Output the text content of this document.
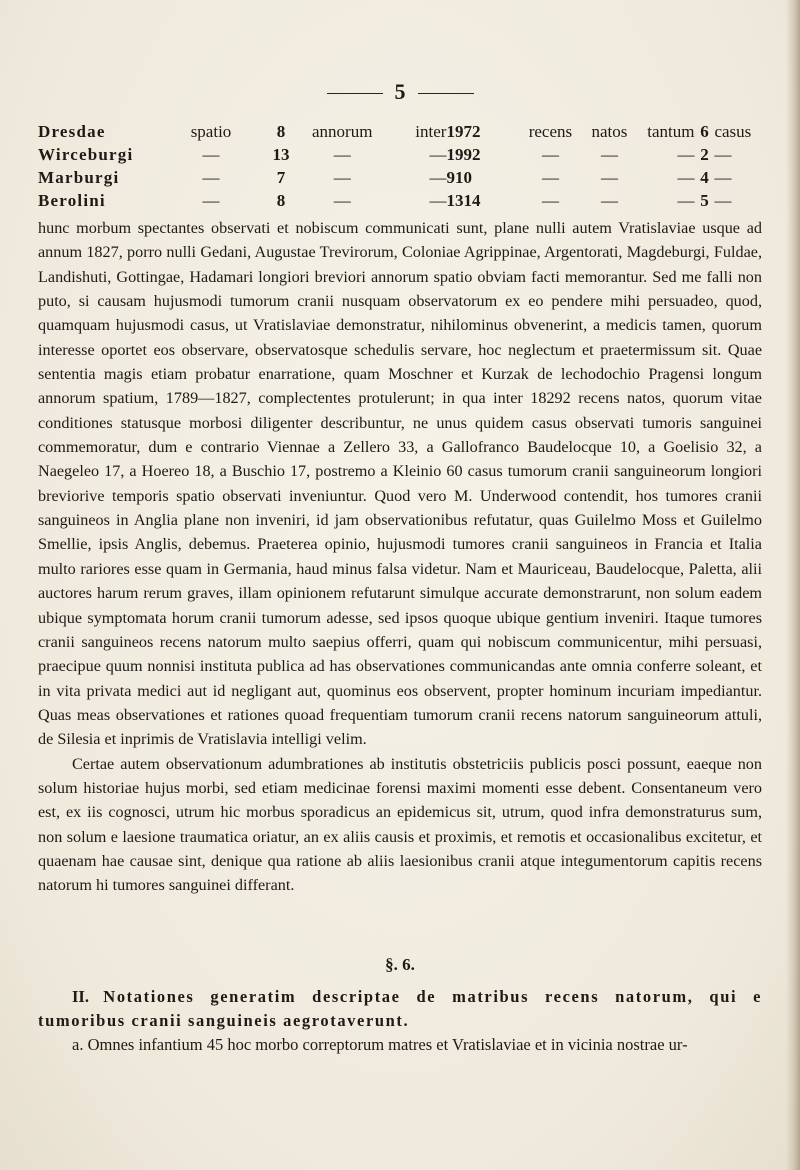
5
Dresdae	spatio	8	annorum	inter	1972	recens	natos	tantum	6	casus
Wirceburgi	—	13	—	—	1992	—	—	—	2	—
Marburgi	—	7	—	—	910	—	—	—	4	—
Berolini	—	8	—	—	1314	—	—	—	5	—

hunc morbum spectantes observati et nobiscum communicati sunt, plane nulli autem Vratislaviae usque ad annum 1827, porro nulli Gedani, Augustae Trevirorum, Coloniae Agrippinae, Argentorati, Magdeburgi, Fuldae, Landishuti, Gottingae, Hadamari longiori breviori annorum spatio obviam facti memorantur. Sed me falli non puto, si causam hujusmodi tumorum cranii nusquam observatorum ex eo pendere mihi persuadeo, quod, quamquam hujusmodi casus, ut Vratislaviae demonstratur, nihilominus obvenerint, a medicis tamen, quorum interesse oportet eos observare, observatosque schedulis servare, hoc neglectum et praetermissum sit. Quae sententia magis etiam probatur enarratione, quam Moschner et Kurzak de lechodochio Pragensi longum annorum spatium, 1789—1827, complectentes protulerunt; in qua inter 18292 recens natos, quorum vitae conditiones statusque morbosi diligenter describuntur, ne unus quidem casus observati tumoris sanguinei commemoratur, dum e contrario Viennae a Zellero 33, a Gallofranco Baudelocque 10, a Goelisio 32, a Naegeleo 17, a Hoereo 18, a Buschio 17, postremo a Kleinio 60 casus tumorum cranii sanguineorum longiori breviorive temporis spatio observati inveniuntur. Quod vero M. Underwood contendit, hos tumores cranii sanguineos in Anglia plane non inveniri, id jam observationibus refutatur, quas Guilelmo Moss et Guilelmo Smellie, ipsis Anglis, debemus. Praeterea opinio, hujusmodi tumores cranii sanguineos in Francia et Italia multo rariores esse quam in Germania, haud minus falsa videtur. Nam et Mauriceau, Baudelocque, Paletta, alii auctores harum rerum graves, illam opinionem refutarunt simulque accurate demonstrarunt, non solum eadem ubique symptomata horum cranii tumorum adesse, sed ipsos quoque ubique gentium inveniri. Itaque tumores cranii sanguineos recens natorum multo saepius offerri, quam qui nobiscum communicentur, mihi persuasi, praecipue quum nonnisi instituta publica ad has observationes communicandas ante omnia conferre soleant, et in vita privata medici aut id negligant aut, quominus eos observent, propter hominum incuriam impediantur. Quas meas observationes et rationes quoad frequentiam tumorum cranii recens natorum sanguineorum attuli, de Silesia et inprimis de Vratislavia intelligi velim.

Certae autem observationum adumbrationes ab institutis obstetriciis publicis posci possunt, eaeque non solum historiae hujus morbi, sed etiam medicinae forensi maximi momenti esse debent. Consentaneum vero est, ex iis cognosci, utrum hic morbus sporadicus an epidemicus sit, utrum, quod infra demonstraturus sum, non solum e laesione traumatica oriatur, an ex aliis causis et proximis, et remotis et occasionalibus excitetur, et quaenam hae causae sint, denique qua ratione ab aliis laesionibus cranii atque integumentorum capitis recens natorum hi tumores sanguinei differant.

§. 6.

II. Notationes generatim descriptae de matribus recens natorum, qui e tumoribus cranii sanguineis aegrotaverunt.

a. Omnes infantium 45 hoc morbo correptorum matres et Vratislaviae et in vicinia nostrae ur-
